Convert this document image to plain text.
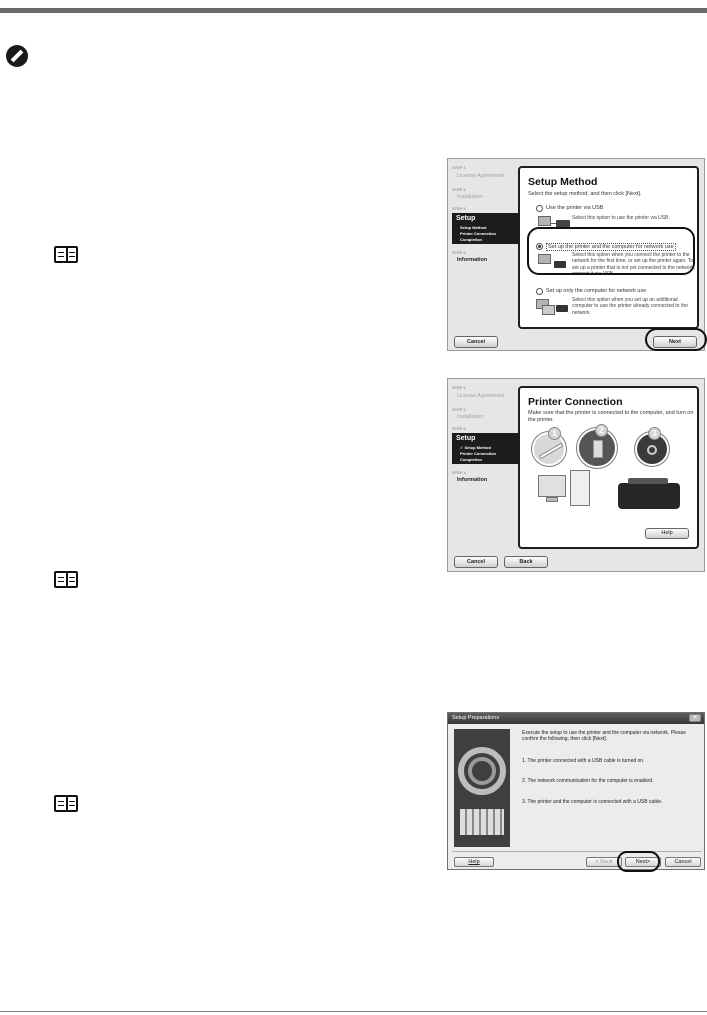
STEP 1
License Agreement
STEP 2
Installation
STEP 3
Setup
Setup Method
Printer Connection
Completion
STEP 4
Information
Setup Method
Select the setup method, and then click [Next].
Use the printer via USB
Select this option to use the printer via USB.
Set up the printer and the computer for network use
Select this option when you connect the printer to the network for the first time, or set up the printer again. To set up a printer that is not yet connected to the network, connect it via USB.
Set up only the computer for network use
Select this option when you set up an additional computer to use the printer already connected to the network.
Cancel	Next
STEP 1
License Agreement
STEP 2
Installation
STEP 3
Setup
✓ Setup Method
Printer Connection
Completion
STEP 4
Information
Printer Connection
Make sure that the printer is connected to the computer, and turn on the printer.
1	2	3
Help
Cancel	Back
Setup Preparations	✕
Execute the setup to use the printer and the computer via network. Please confirm the following, then click [Next].
1. The printer connected with a USB cable is turned on.
2. The network communication for the computer is enabled.
3. The printer and the computer is connected with a USB cable.
Help	< Back	Next>	Cancel
